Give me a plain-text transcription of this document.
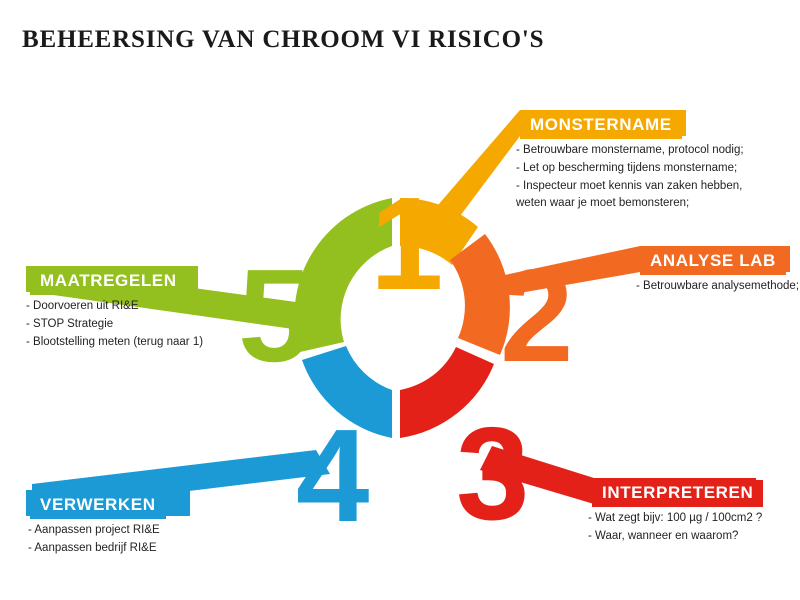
BEHEERSING VAN CHROOM VI RISICO'S
1 2
3
4
5
MONSTERNAME
- Betrouwbare monstername, protocol nodig;
- Let op bescherming tijdens monstername;
- Inspecteur moet kennis van zaken hebben,
weten waar je moet bemonsteren;
ANALYSE LAB
- Betrouwbare analysemethode;
INTERPRETEREN
- Wat zegt bijv: 100 µg / 100cm2 ?
- Waar, wanneer en waarom?
VERWERKEN
- Aanpassen project RI&E
- Aanpassen bedrijf RI&E
MAATREGELEN
- Doorvoeren uit RI&E
- STOP Strategie
- Blootstelling meten (terug naar 1)
